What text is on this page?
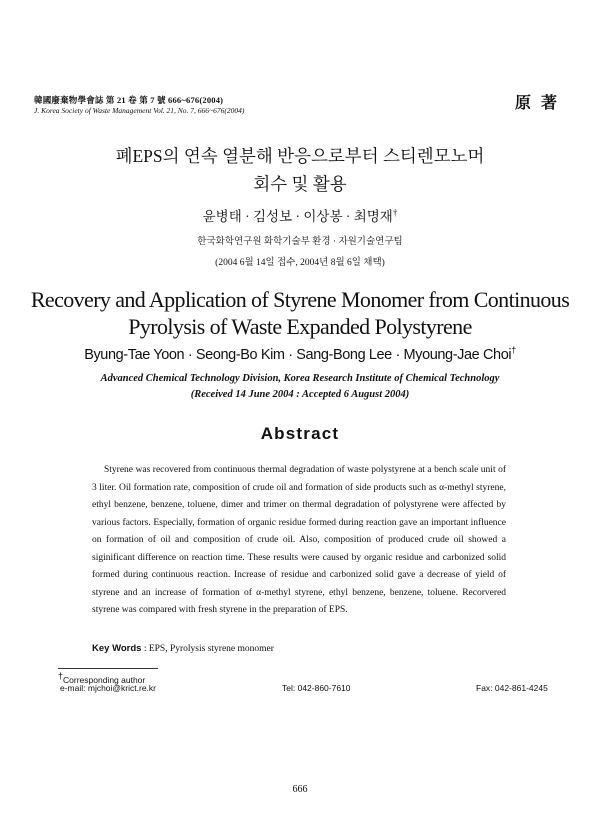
韓國廢棄物學會誌 第 21 卷 第 7 號 666~676(2004)
J. Korea Society of Waste Management Vol. 21, No. 7, 666~676(2004)	原 著
폐EPS의 연속 열분해 반응으로부터 스티렌모노머
회수 및 활용
윤병태 · 김성보 · 이상봉 · 최명재†
한국화학연구원 화학기술부 환경 · 자원기술연구팀
(2004 6월 14일 접수, 2004년 8월 6일 채택)
Recovery and Application of Styrene Monomer from Continuous
Pyrolysis of Waste Expanded Polystyrene
Byung-Tae Yoon · Seong-Bo Kim · Sang-Bong Lee · Myoung-Jae Choi†
Advanced Chemical Technology Division, Korea Research Institute of Chemical Technology
(Received 14 June 2004 : Accepted 6 August 2004)
Abstract
Styrene was recovered from continuous thermal degradation of waste polystyrene at a bench scale unit of 3 liter. Oil formation rate, composition of crude oil and formation of side products such as α-methyl styrene, ethyl benzene, benzene, toluene, dimer and trimer on thermal degradation of polystyrene were affected by various factors. Especially, formation of organic residue formed during reaction gave an important influence on formation of oil and composition of crude oil. Also, composition of produced crude oil showed a siginificant difference on reaction time. These results were caused by organic residue and carbonized solid formed during continuous reaction. Increase of residue and carbonized solid gave a decrease of yield of styrene and an increase of formation of α-methyl styrene, ethyl benzene, benzene, toluene. Recorvered styrene was compared with fresh styrene in the preparation of EPS.
Key Words : EPS, Pyrolysis styrene monomer
†Corresponding author
e-mail: mjchoi@krict.re.kr	Tel: 042-860-7610	Fax: 042-861-4245
666
